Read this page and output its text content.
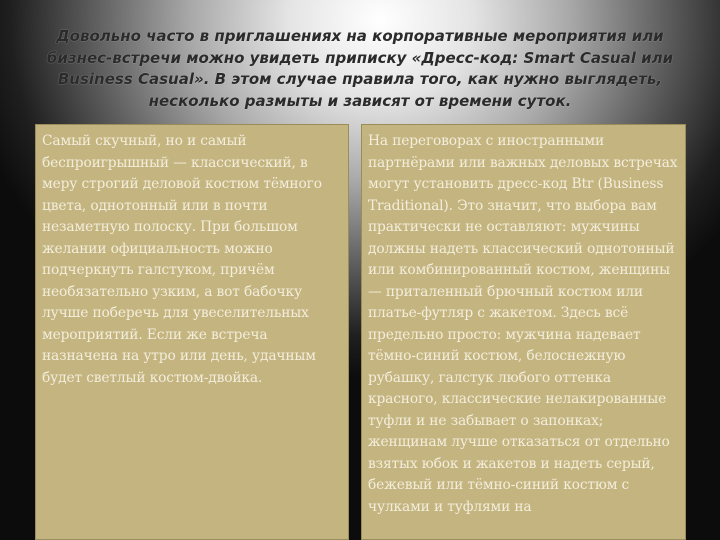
Довольно часто в приглашениях на корпоративные мероприятия или бизнес-встречи можно увидеть приписку «Дресс-код: Smart Casual или Business Casual». В этом случае правила того, как нужно выглядеть, несколько размыты и зависят от времени суток.

Самый скучный, но и самый беспроигрышный — классический, в меру строгий деловой костюм тёмного цвета, однотонный или в почти незаметную полоску. При большом желании официальность можно подчеркнуть галстуком, причём необязательно узким, а вот бабочку лучше поберечь для увеселительных мероприятий. Если же встреча назначена на утро или день, удачным будет светлый костюм-двойка.

На переговорах с иностранными партнёрами или важных деловых встречах могут установить дресс-код Btr (Business Traditional). Это значит, что выбора вам практически не оставляют: мужчины должны надеть классический однотонный или комбинированный костюм, женщины — приталенный брючный костюм или платье-футляр с жакетом. Здесь всё предельно просто: мужчина надевает тёмно-синий костюм, белоснежную рубашку, галстук любого оттенка красного, классические нелакированные туфли и не забывает о запонках; женщинам лучше отказаться от отдельно взятых юбок и жакетов и надеть серый, бежевый или тёмно-синий костюм с чулками и туфлями на
